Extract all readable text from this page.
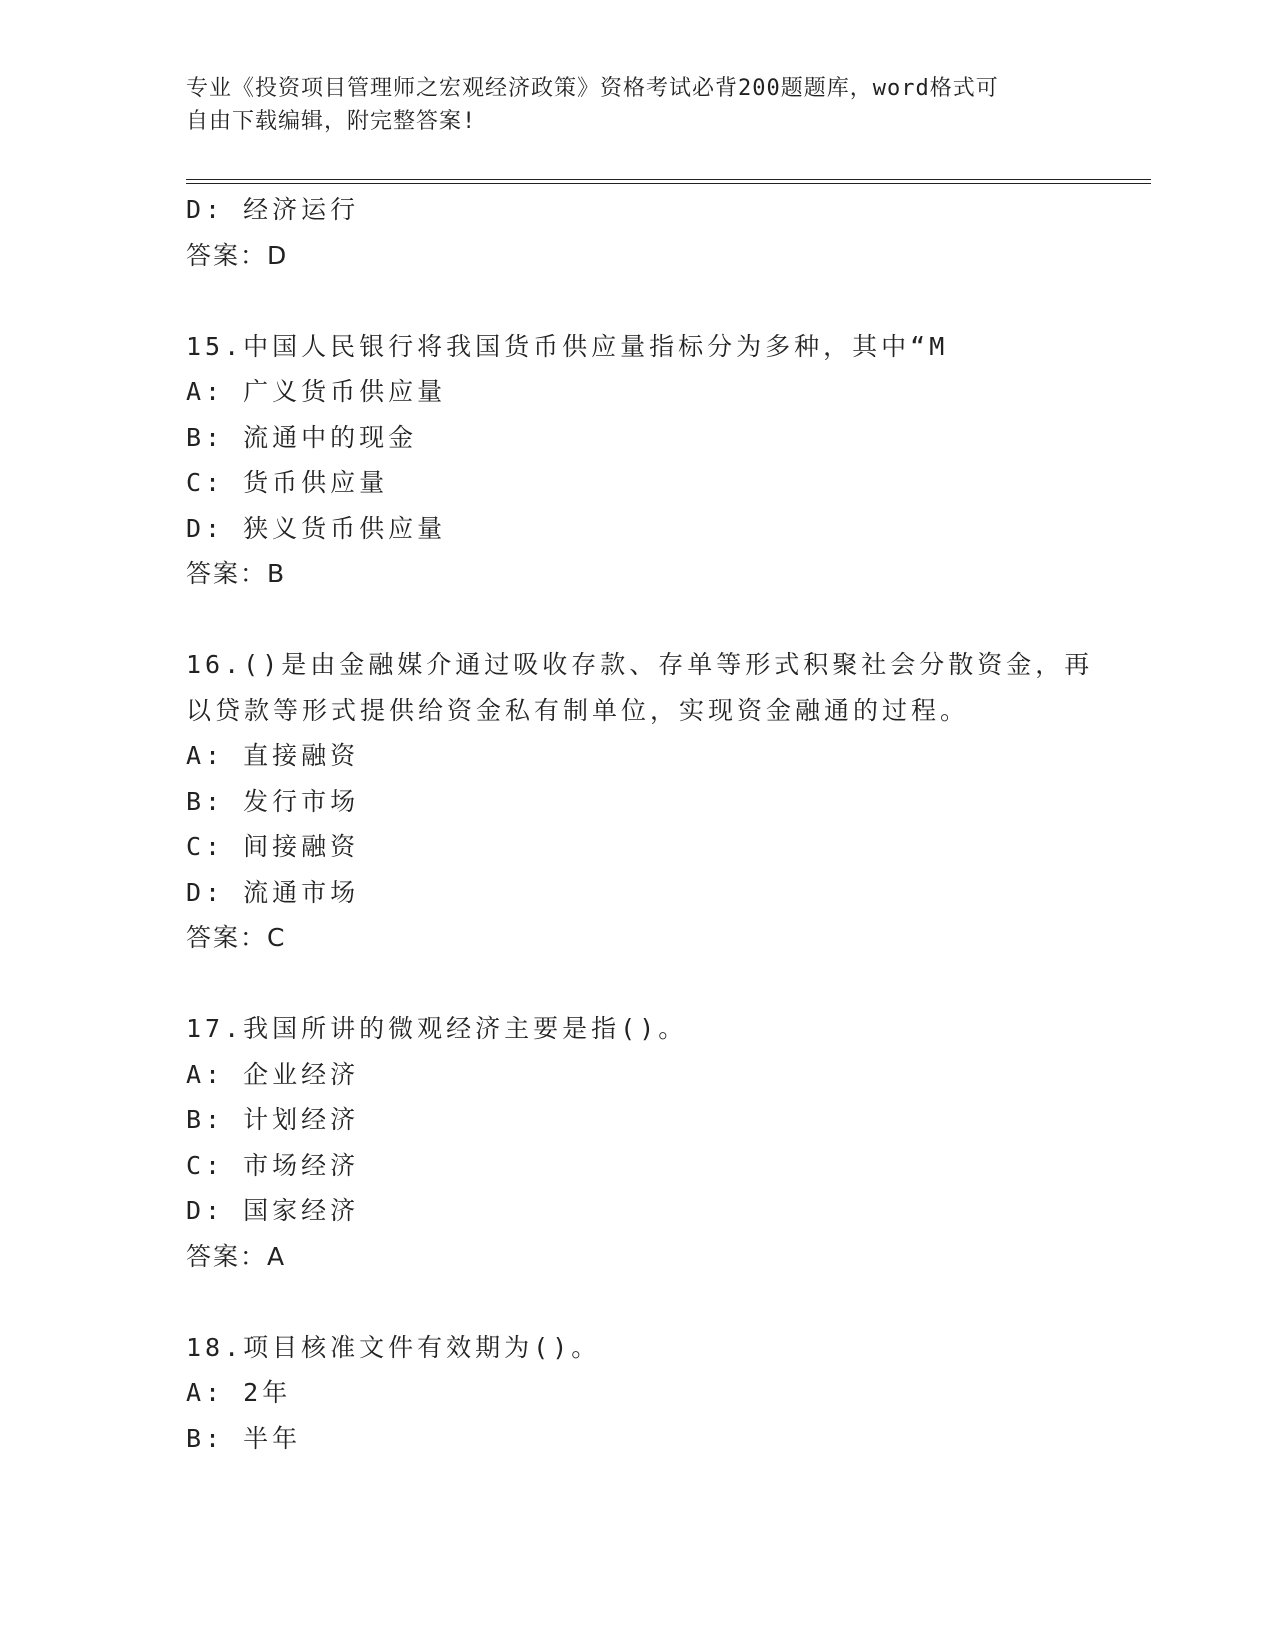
专业《投资项目管理师之宏观经济政策》资格考试必背200题题库，word格式可
自由下载编辑，附完整答案!
D: 经济运行
答案：D
15.中国人民银行将我国货币供应量指标分为多种，其中“M
A: 广义货币供应量
B: 流通中的现金
C: 货币供应量
D: 狭义货币供应量
答案：B
16.()是由金融媒介通过吸收存款、存单等形式积聚社会分散资金，再
以贷款等形式提供给资金私有制单位，实现资金融通的过程。
A: 直接融资
B: 发行市场
C: 间接融资
D: 流通市场
答案：C
17.我国所讲的微观经济主要是指()。
A: 企业经济
B: 计划经济
C: 市场经济
D: 国家经济
答案：A
18.项目核准文件有效期为()。
A: 2年
B: 半年
